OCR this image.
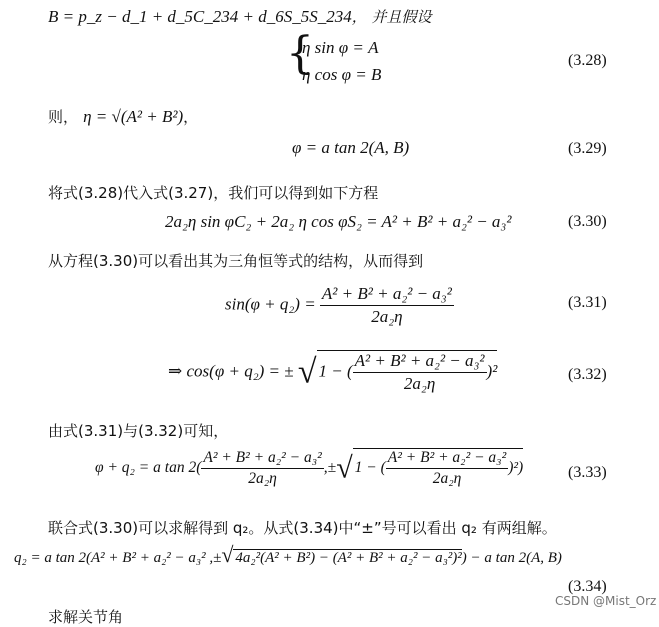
B = p_z − d_1 + d_5C_234 + d_6S_5S_234， 并且假设
{
η sin φ = A
η cos φ = B
(3.28)
则， η = √(A² + B²)，
φ = a tan 2(A, B)	(3.29)
将式(3.28)代入式(3.27)，我们可以得到如下方程
2a₂η sin φC₂ + 2a₂ η cos φS₂ = A² + B² + a₂² − a₃²	(3.30)
从方程(3.30)可以看出其为三角恒等式的结构，从而得到
$\sin(\varphi + q_2) = \frac{\text{A² + B² + a₂² − a₃²}}{\text{2a₂η}}$	(3.31)
⇒ cos(φ + q₂) = ± √ 1 − ( $\frac{\text{A² + B² + a₂² − a₃²}}{\text{2a₂η}} )^2$	(3.32)
由式(3.31)与(3.32)可知，
φ + q₂ = a $\tan 2( \frac{\text{A² + B² + a₂² − a₃²}}{\text{2a₂η}}$ ,±√ 1 − ( $\frac{\text{A² + B² + a₂² − a₃²}}{\text{2a₂η}} )^2$)	(3.33)
联合式(3.30)可以求解得到 q₂。从式(3.34)中“±”号可以看出 q₂ 有两组解。
q₂ = a tan 2(A² + B² + a₂² − a₃² ,±√ 4a₂²(A² + B²) − (A² + B² + a₂² − a₃²)²) − a tan 2(A, B)
(3.34)
求解关节角
CSDN @Mist_Orz
